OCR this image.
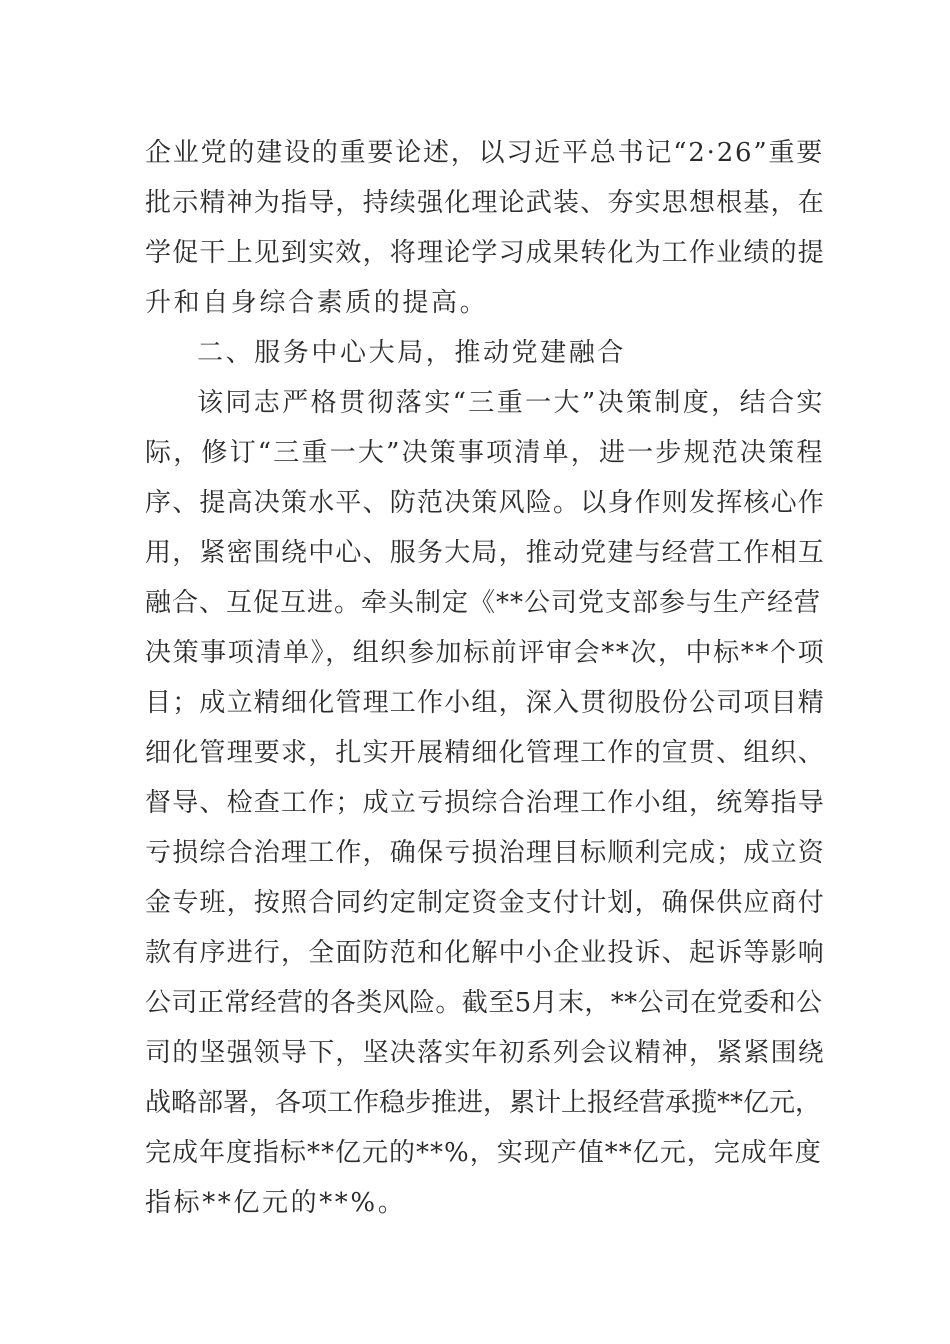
企业党的建设的重要论述，以习近平总书记“2·26”重要
批示精神为指导，持续强化理论武装、夯实思想根基，在
学促干上见到实效，将理论学习成果转化为工作业绩的提
升和自身综合素质的提高。
二、服务中心大局，推动党建融合
该同志严格贯彻落实“三重一大”决策制度，结合实
际，修订“三重一大”决策事项清单，进一步规范决策程
序、提高决策水平、防范决策风险。以身作则发挥核心作
用，紧密围绕中心、服务大局，推动党建与经营工作相互
融合、互促互进。牵头制定《**公司党支部参与生产经营
决策事项清单》，组织参加标前评审会**次，中标**个项
目；成立精细化管理工作小组，深入贯彻股份公司项目精
细化管理要求，扎实开展精细化管理工作的宣贯、组织、
督导、检查工作；成立亏损综合治理工作小组，统筹指导
亏损综合治理工作，确保亏损治理目标顺利完成；成立资
金专班，按照合同约定制定资金支付计划，确保供应商付
款有序进行，全面防范和化解中小企业投诉、起诉等影响
公司正常经营的各类风险。截至5月末，**公司在党委和公
司的坚强领导下，坚决落实年初系列会议精神，紧紧围绕
战略部署，各项工作稳步推进，累计上报经营承揽**亿元，
完成年度指标**亿元的**%，实现产值**亿元，完成年度
指标**亿元的**%。
